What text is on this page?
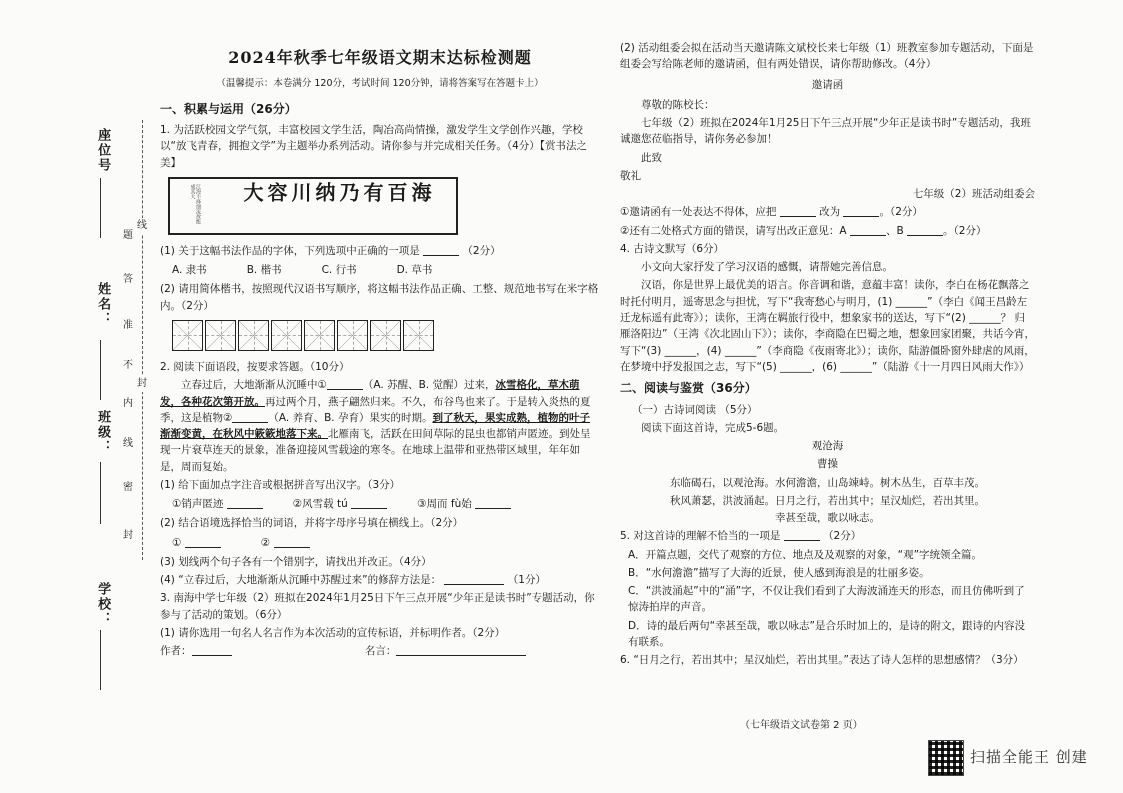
座位号
姓名：
班级：
学校：
线
题
答
准
不
内
封
线
密
封
2024年秋季七年级语文期末达标检测题
（温馨提示：本卷满分 120分，考试时间 120分钟，请将答案写在答题卡上）
一、积累与运用（26分）

1. 为活跃校园文学气氛，丰富校园文学生活，陶冶高尚情操，激发学生文学创作兴趣，学校以“放飞青春，拥抱文学”为主题举办系列活动。请你参与并完成相关任务。（4分）【赏书法之美】

江海不择细流故能成其大	海百有乃纳川容大

(1) 关于这幅书法作品的字体，下列选项中正确的一项是	（2分）

A. 隶书	B. 楷书	C. 行书	D. 草书

(2) 请用简体楷书，按照现代汉语书写顺序，将这幅书法作品正确、工整、规范地书写在米字格内。（2分）

2. 阅读下面语段，按要求答题。（10分）

立春过后，大地渐渐从沉睡中①	（A. 苏醒、B. 觉醒）过来，冰雪格化，草木萌发，各种花次第开放。再过两个月，燕子翩然归来。不久，布谷鸟也来了。于是转入炎热的夏季，这是植物②	（A. 养育、B. 孕育）果实的时期。到了秋天，果实成熟，植物的叶子渐渐变黄，在秋风中簌簌地落下来。北雁南飞，活跃在田间草际的昆虫也都销声匿迹。到处呈现一片衰草连天的景象，准备迎接风雪载途的寒冬。在地球上温带和亚热带区域里，年年如是，周而复始。

(1) 给下面加点字注音或根据拼音写出汉字。（3分）

①销声匿迹	②风雪载 tú	③周而 fù始

(2) 结合语境选择恰当的词语，并将字母序号填在横线上。（2分）

①	②

(3) 划线两个句子各有一个错别字，请找出并改正。（4分）

(4) “立春过后，大地渐渐从沉睡中苏醒过来”的修辞方法是：	（1分）

3. 南海中学七年级（2）班拟在2024年1月25日下午三点开展“少年正是读书时”专题活动，你参与了活动的策划。（6分）

(1) 请你选用一句名人名言作为本次活动的宣传标语，并标明作者。（2分）

作者：	名言：

(2) 活动组委会拟在活动当天邀请陈文斌校长来七年级（1）班教室参加专题活动，下面是组委会写给陈老师的邀请函，但有两处错误，请你帮助修改。（4分）

邀请函

尊敬的陈校长：

七年级（2）班拟在2024年1月25日下午三点开展“少年正是读书时”专题活动，我班诚邀您莅临指导，请你务必参加！

此致

敬礼

七年级（2）班活动组委会

①邀请函有一处表达不得体，应把	改为	。（2分）

②还有二处格式方面的错误，请写出改正意见：A	、B	。（2分）

4. 古诗文默写（6分）

小文向大家抒发了学习汉语的感慨，请帮她完善信息。

汉语，你是世界上最优美的语言。你音调和谐，意蕴丰富！读你，李白在杨花飘落之时托付明月，遥寄思念与担忧，写下“我寄愁心与明月，(1) ______”（李白《闻王昌龄左迁龙标遥有此寄》）；读你，王湾在羁旅行役中，想象家书的送达，写下“(2) ______？ 归雁洛阳边”（王湾《次北固山下》）；读你，李商隐在巴蜀之地，想象回家团聚，共话今宵，写下“(3) ______，(4) ______”（李商隐《夜雨寄北》）；读你，陆游僵卧窗外肆虐的风雨，在梦境中抒发报国之志，写下“(5) ______，(6) ______”（陆游《十一月四日风雨大作》）

二、阅读与鉴赏（36分）

（一）古诗词阅读 （5分）

阅读下面这首诗，完成5-6题。

观沧海

曹操

东临碣石，以观沧海。水何澹澹，山岛竦峙。树木丛生，百草丰茂。
秋风萧瑟，洪波涌起。日月之行，若出其中；星汉灿烂，若出其里。
幸甚至哉，歌以咏志。

5. 对这首诗的理解不恰当的一项是	（2分）

A．开篇点题，交代了观察的方位、地点及及观察的对象，“观”字统领全篇。

B．“水何澹澹”描写了大海的近景，使人感到海浪是的壮丽多姿。

C．“洪波涌起”中的“涌”字，不仅让我们看到了大海波涌连天的形态，而且仿佛听到了惊涛拍岸的声音。

D．诗的最后两句“幸甚至哉，歌以咏志”是合乐时加上的，是诗的附文，跟诗的内容没有联系。

6. “日月之行，若出其中；星汉灿烂，若出其里。”表达了诗人怎样的思想感情？（3分）

（七年级语文试卷第 2 页）
扫描全能王 创建
